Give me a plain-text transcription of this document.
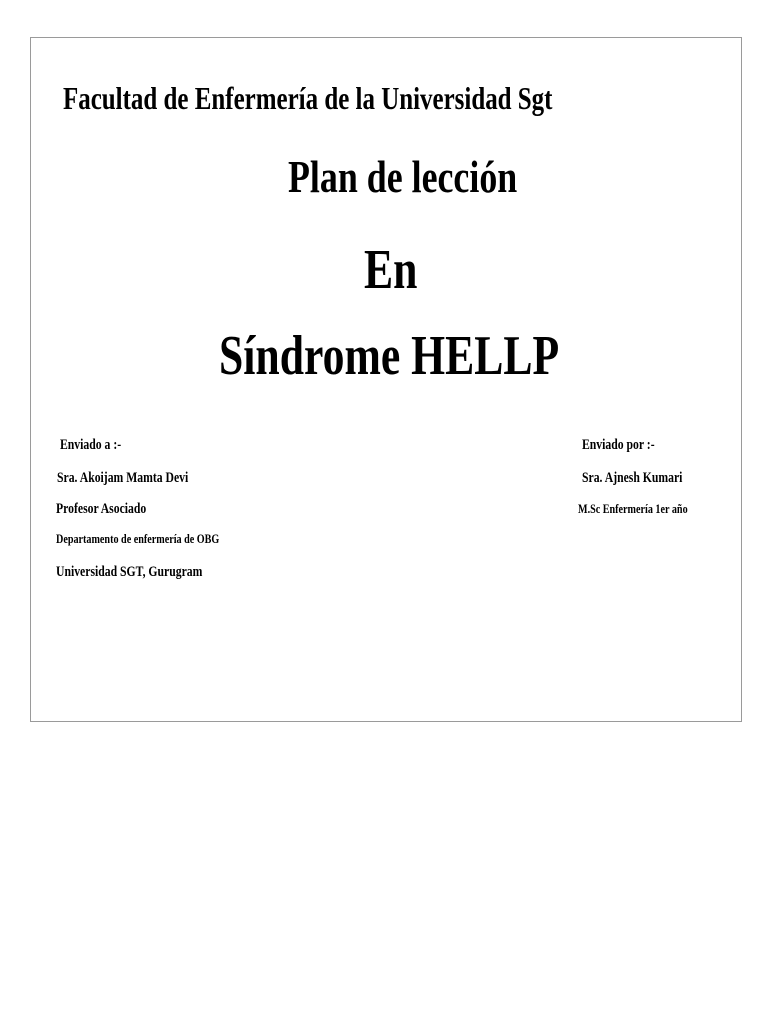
Facultad de Enfermería de la Universidad Sgt
Plan de lección
En
Síndrome HELLP
Enviado a :-
Sra. Akoijam Mamta Devi
Profesor Asociado
Departamento de enfermería de OBG
Universidad SGT, Gurugram
Enviado por :-
Sra. Ajnesh Kumari
M.Sc Enfermería 1er año
